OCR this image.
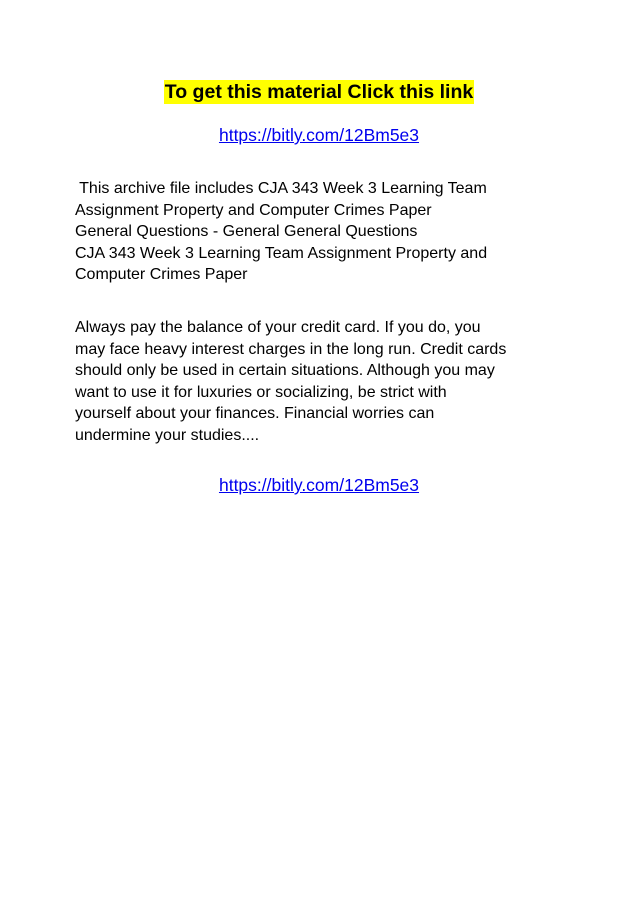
To get this material Click this link
https://bitly.com/12Bm5e3
This archive file includes CJA 343 Week 3 Learning Team
Assignment Property and Computer Crimes Paper
General Questions - General General Questions
CJA 343 Week 3 Learning Team Assignment Property and
Computer Crimes Paper
Always pay the balance of your credit card. If you do, you
may face heavy interest charges in the long run. Credit cards
should only be used in certain situations. Although you may
want to use it for luxuries or socializing, be strict with
yourself about your finances. Financial worries can
undermine your studies....
https://bitly.com/12Bm5e3
